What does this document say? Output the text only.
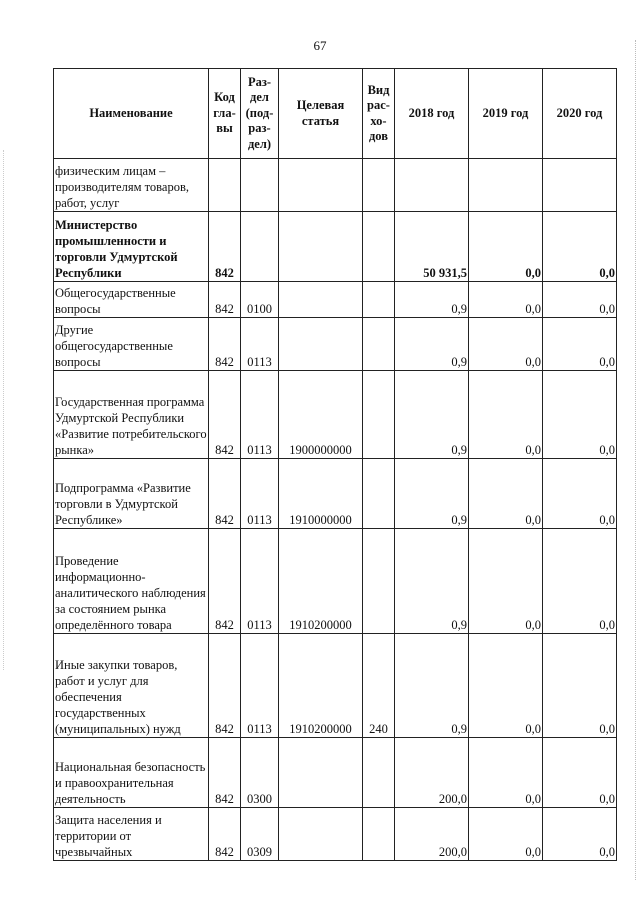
67
Наименование	Код гла-вы	Раз-дел (под-раз-дел)	Целевая статья	Вид рас-хо-дов	2018 год	2019 год	2020 год
физическим лицам – производителям товаров, работ, услуг							
Министерство промышленности и торговли Удмуртской Республики	842				50 931,5	0,0	0,0
Общегосударственные вопросы	842	0100			0,9	0,0	0,0
Другие общегосударственные вопросы	842	0113			0,9	0,0	0,0
Государственная программа Удмуртской Республики «Развитие потребительского рынка»	842	0113	1900000000		0,9	0,0	0,0
Подпрограмма «Развитие торговли в Удмуртской Республике»	842	0113	1910000000		0,9	0,0	0,0
Проведение информационно-аналитического наблюдения за состоянием рынка определённого товара	842	0113	1910200000		0,9	0,0	0,0
Иные закупки товаров, работ и услуг для обеспечения государственных (муниципальных) нужд	842	0113	1910200000	240	0,9	0,0	0,0
Национальная безопасность и правоохранительная деятельность	842	0300			200,0	0,0	0,0
Защита населения и территории от чрезвычайных	842	0309			200,0	0,0	0,0
